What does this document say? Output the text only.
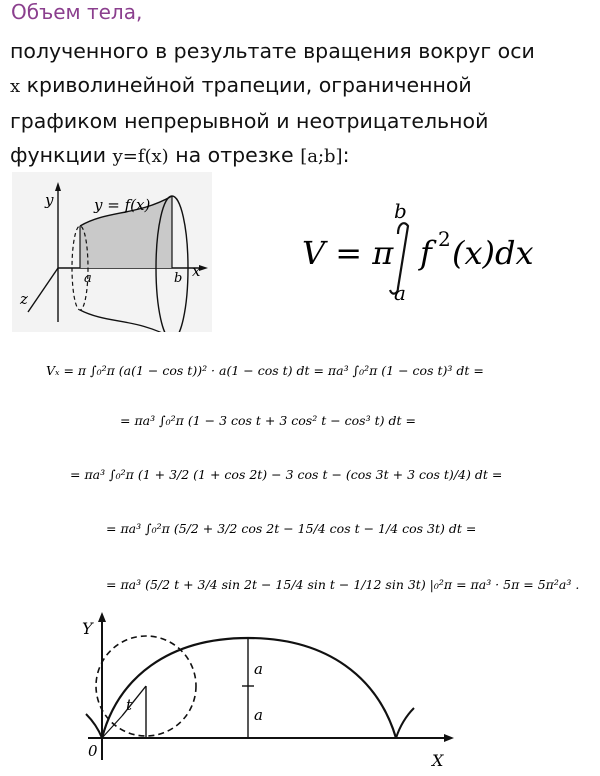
Объем тела,
полученного в результате вращения вокруг оси
x криволинейной трапеции, ограниченной
графиком непрерывной и неотрицательной
функции y=f(x) на отрезке [a;b]:
y	y = f(x)
a	b x
z
V = π
b
a
f 2 (x)dx
Vₓ = π ∫₀²π (a(1 − cos t))² · a(1 − cos t) dt = πa³ ∫₀²π (1 − cos t)³ dt =
= πa³ ∫₀²π (1 − 3 cos t + 3 cos² t − cos³ t) dt =
= πa³ ∫₀²π (1 + 3/2 (1 + cos 2t) − 3 cos t − (cos 3t + 3 cos t)/4) dt =
= πa³ ∫₀²π (5/2 + 3/2 cos 2t − 15/4 cos t − 1/4 cos 3t) dt =
= πa³ (5/2 t + 3/4 sin 2t − 15/4 sin t − 1/12 sin 3t) |₀²π = πa³ · 5π = 5π²a³ .
Y
X
0
a
a
t
